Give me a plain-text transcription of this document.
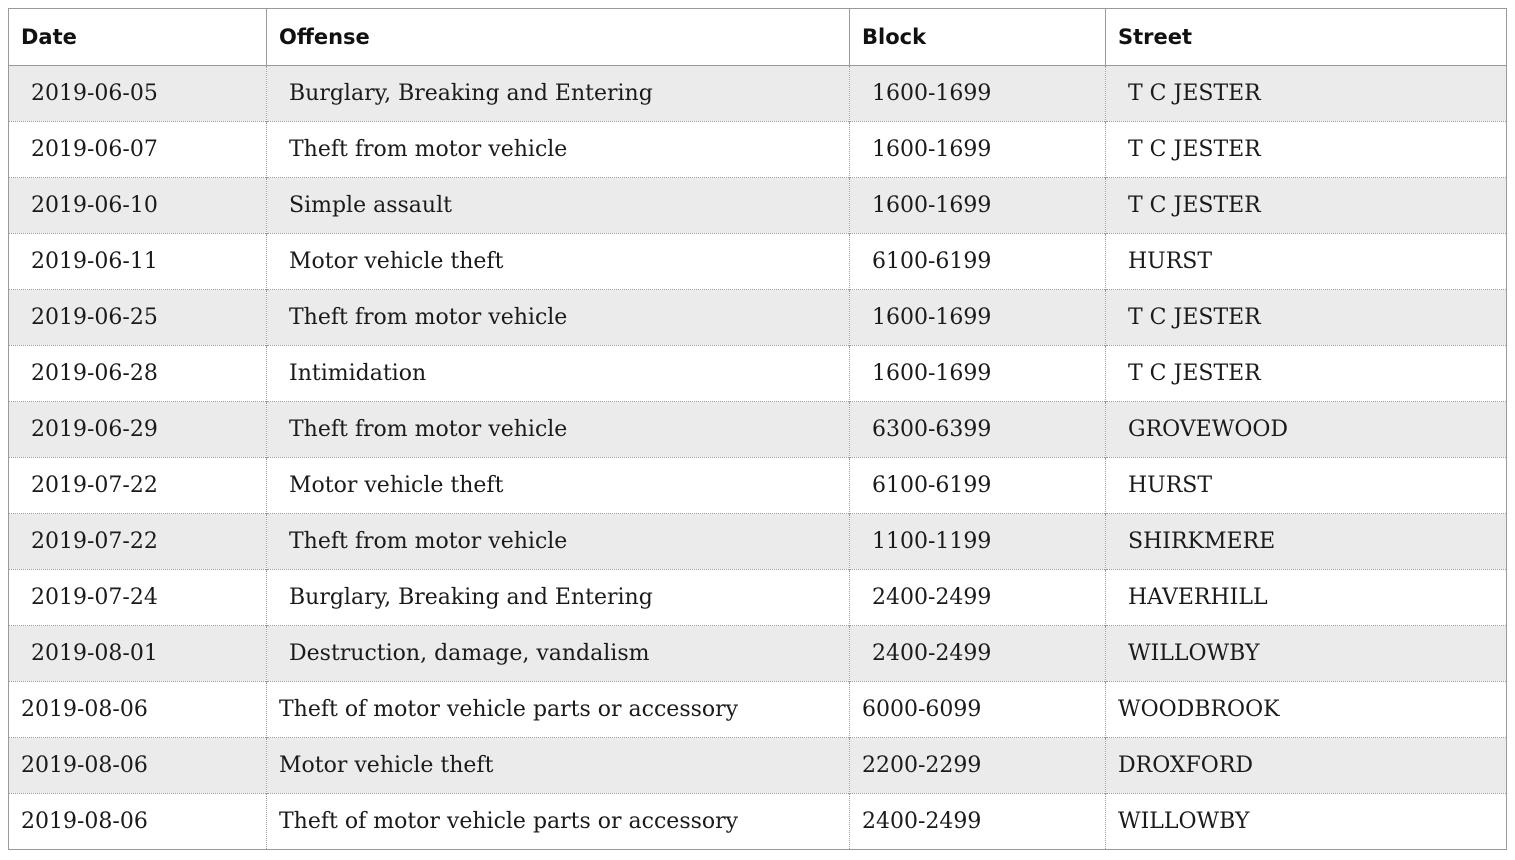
Date	Offense	Block	Street
2019-06-05	Burglary, Breaking and Entering	1600-1699	T C JESTER
2019-06-07	Theft from motor vehicle	1600-1699	T C JESTER
2019-06-10	Simple assault	1600-1699	T C JESTER
2019-06-11	Motor vehicle theft	6100-6199	HURST
2019-06-25	Theft from motor vehicle	1600-1699	T C JESTER
2019-06-28	Intimidation	1600-1699	T C JESTER
2019-06-29	Theft from motor vehicle	6300-6399	GROVEWOOD
2019-07-22	Motor vehicle theft	6100-6199	HURST
2019-07-22	Theft from motor vehicle	1100-1199	SHIRKMERE
2019-07-24	Burglary, Breaking and Entering	2400-2499	HAVERHILL
2019-08-01	Destruction, damage, vandalism	2400-2499	WILLOWBY
2019-08-06	Theft of motor vehicle parts or accessory	6000-6099	WOODBROOK
2019-08-06	Motor vehicle theft	2200-2299	DROXFORD
2019-08-06	Theft of motor vehicle parts or accessory	2400-2499	WILLOWBY
